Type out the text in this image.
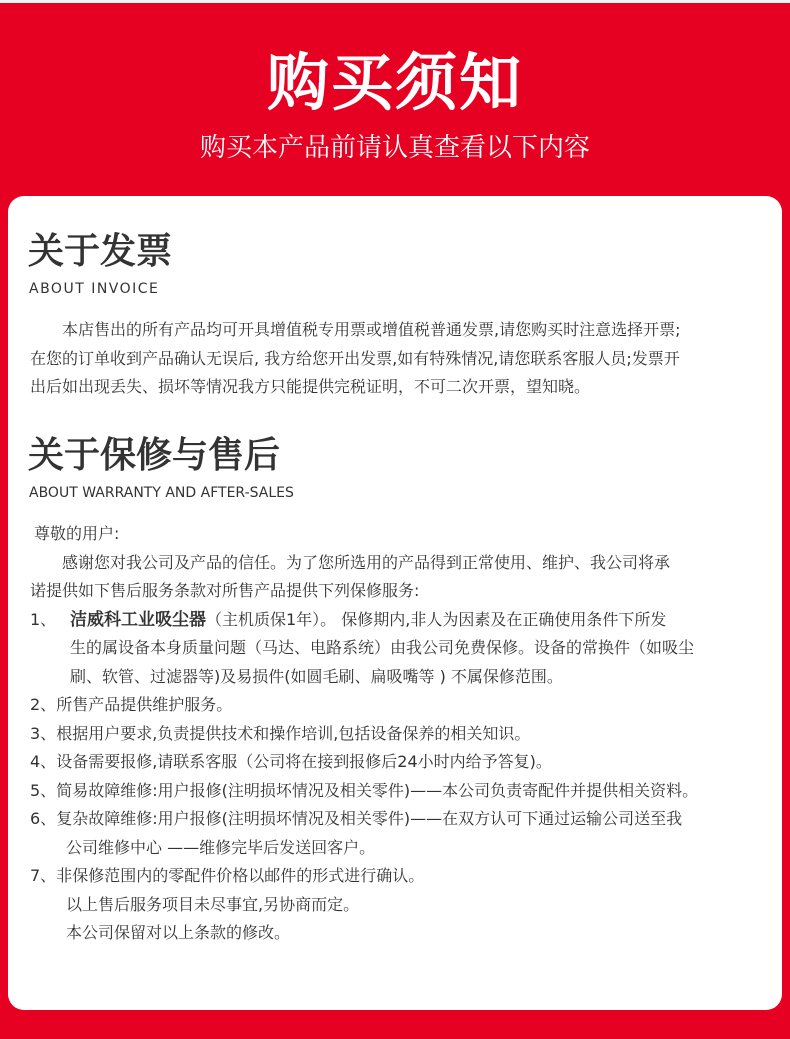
购买须知
购买本产品前请认真查看以下内容
关于发票
ABOUT INVOICE
本店售出的所有产品均可开具增值税专用票或增值税普通发票,请您购买时注意选择开票;
在您的订单收到产品确认无误后, 我方给您开出发票,如有特殊情况,请您联系客服人员;发票开
出后如出现丢失、损坏等情况我方只能提供完税证明，不可二次开票，望知晓。
关于保修与售后
ABOUT WARRANTY AND AFTER-SALES
尊敬的用户:
感谢您对我公司及产品的信任。为了您所选用的产品得到正常使用、维护、我公司将承
诺提供如下售后服务条款对所售产品提供下列保修服务:
1、 洁威科工业吸尘器（主机质保1年）。 保修期内,非人为因素及在正确使用条件下所发
生的属设备本身质量问题（马达、电路系统）由我公司免费保修。设备的常换件（如吸尘
刷、软管、过滤器等)及易损件(如圆毛刷、扁吸嘴等 ) 不属保修范围。
2、所售产品提供维护服务。
3、根据用户要求,负责提供技术和操作培训,包括设备保养的相关知识。
4、设备需要报修,请联系客服（公司将在接到报修后24小时内给予答复)。
5、简易故障维修:用户报修(注明损坏情况及相关零件)——本公司负责寄配件并提供相关资料。
6、复杂故障维修:用户报修(注明损坏情况及相关零件)——在双方认可下通过运输公司送至我
公司维修中心 ——维修完毕后发送回客户。
7、非保修范围内的零配件价格以邮件的形式进行确认。
以上售后服务项目未尽事宜,另协商而定。
本公司保留对以上条款的修改。
